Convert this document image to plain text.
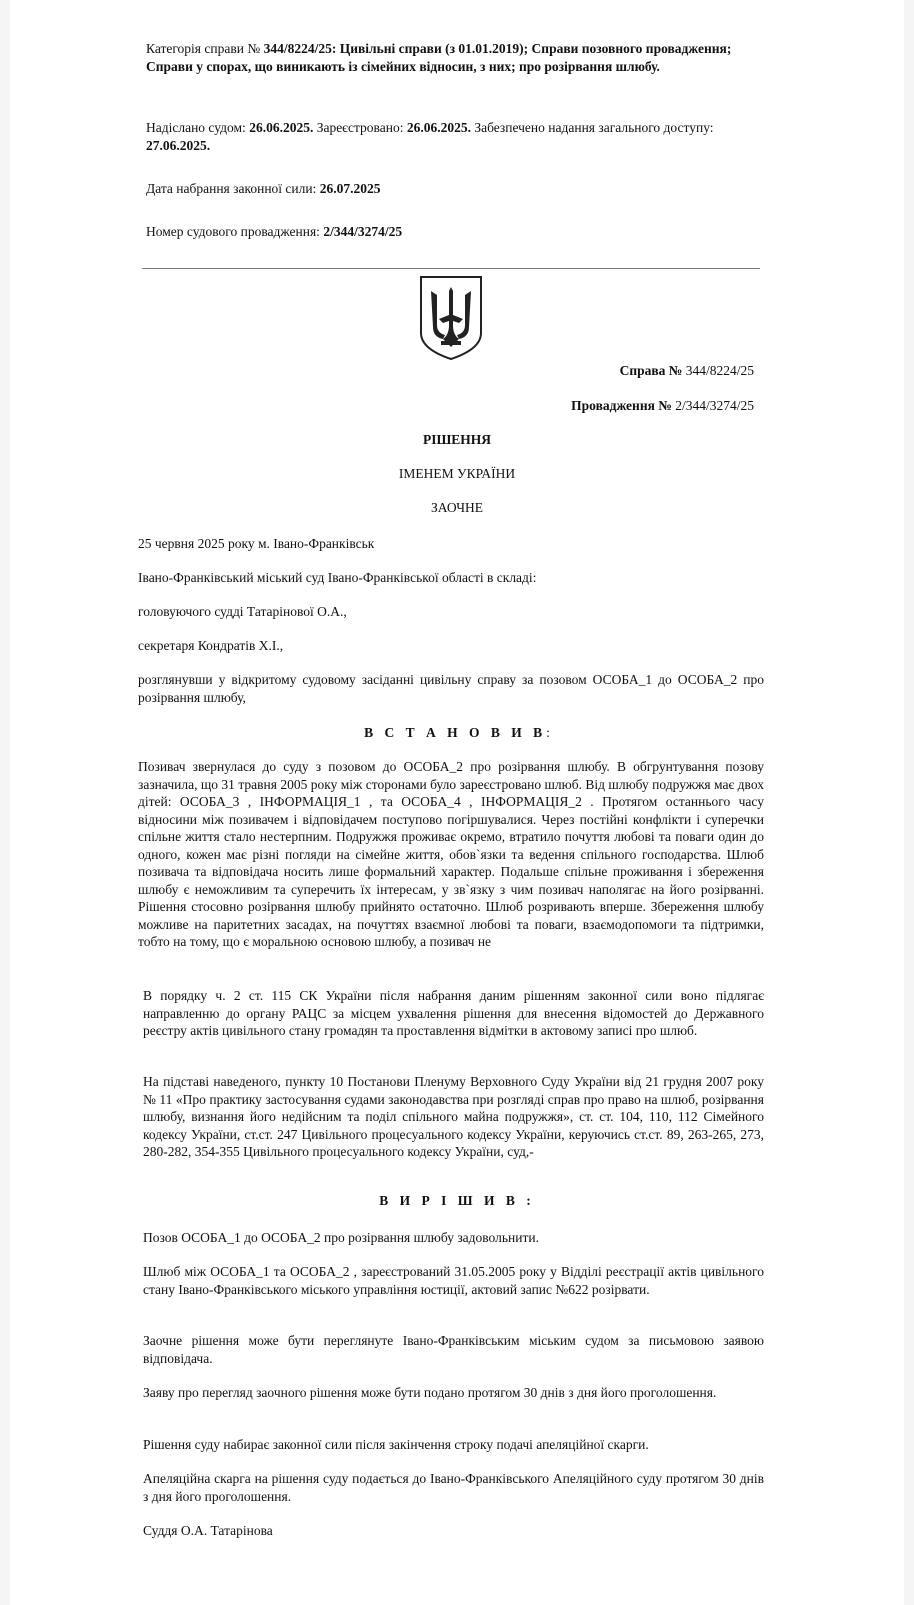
Категорія справи № 344/8224/25: Цивільні справи (з 01.01.2019); Справи позовного провадження; Справи у спорах, що виникають із сімейних відносин, з них; про розірвання шлюбу.
Надіслано судом: 26.06.2025. Зареєстровано: 26.06.2025. Забезпечено надання загального доступу: 27.06.2025.
Дата набрання законної сили: 26.07.2025
Номер судового провадження: 2/344/3274/25
Справа № 344/8224/25
Провадження № 2/344/3274/25
РІШЕННЯ
ІМЕНЕМ УКРАЇНИ
ЗАОЧНЕ
25 червня 2025 року м. Івано-Франківськ
Івано-Франківський міський суд Івано-Франківської області в складі:
головуючого судді Татарінової О.А.,
секретаря Кондратів Х.І.,
розглянувши у відкритому судовому засіданні цивільну справу за позовом ОСОБА_1 до ОСОБА_2 про розірвання шлюбу,
В С Т А Н О В И В:
Позивач звернулася до суду з позовом до ОСОБА_2 про розірвання шлюбу. В обгрунтування позову зазначила, що 31 травня 2005 року між сторонами було зареєстровано шлюб. Від шлюбу подружжя має двох дітей: ОСОБА_3 , ІНФОРМАЦІЯ_1 , та ОСОБА_4 , ІНФОРМАЦІЯ_2 . Протягом останнього часу відносини між позивачем і відповідачем поступово погіршувалися. Через постійні конфлікти і суперечки спільне життя стало нестерпним. Подружжя проживає окремо, втратило почуття любові та поваги один до одного, кожен має різні погляди на сімейне життя, обов`язки та ведення спільного господарства. Шлюб позивача та відповідача носить лише формальний характер. Подальше спільне проживання і збереження шлюбу є неможливим та суперечить їх інтересам, у зв`язку з чим позивач наполягає на його розірванні. Рішення стосовно розірвання шлюбу прийнято остаточно. Шлюб розривають вперше. Збереження шлюбу можливе на паритетних засадах, на почуттях взаємної любові та поваги, взаємодопомоги та підтримки, тобто на тому, що є моральною основою шлюбу, а позивач не
В порядку ч. 2 ст. 115 СК України після набрання даним рішенням законної сили воно підлягає направленню до органу РАЦС за місцем ухвалення рішення для внесення відомостей до Державного реєстру актів цивільного стану громадян та проставлення відмітки в актовому записі про шлюб.
На підставі наведеного, пункту 10 Постанови Пленуму Верховного Суду України від 21 грудня 2007 року № 11 «Про практику застосування судами законодавства при розгляді справ про право на шлюб, розірвання шлюбу, визнання його недійсним та поділ спільного майна подружжя», ст. ст. 104, 110, 112 Сімейного кодексу України, ст.ст. 247 Цивільного процесуального кодексу України, керуючись ст.ст. 89, 263-265, 273, 280-282, 354-355 Цивільного процесуального кодексу України, суд,-
В И Р І Ш И В :
Позов ОСОБА_1 до ОСОБА_2 про розірвання шлюбу задовольнити.
Шлюб між ОСОБА_1 та ОСОБА_2 , зареєстрований 31.05.2005 року у Відділі реєстрації актів цивільного стану Івано-Франківського міського управління юстиції, актовий запис №622 розірвати.
Заочне рішення може бути переглянуте Івано-Франківським міським судом за письмовою заявою відповідача.
Заяву про перегляд заочного рішення може бути подано протягом 30 днів з дня його проголошення.
Рішення суду набирає законної сили після закінчення строку подачі апеляційної скарги.
Апеляційна скарга на рішення суду подається до Івано-Франківського Апеляційного суду протягом 30 днів з дня його проголошення.
Суддя О.А. Татарінова
